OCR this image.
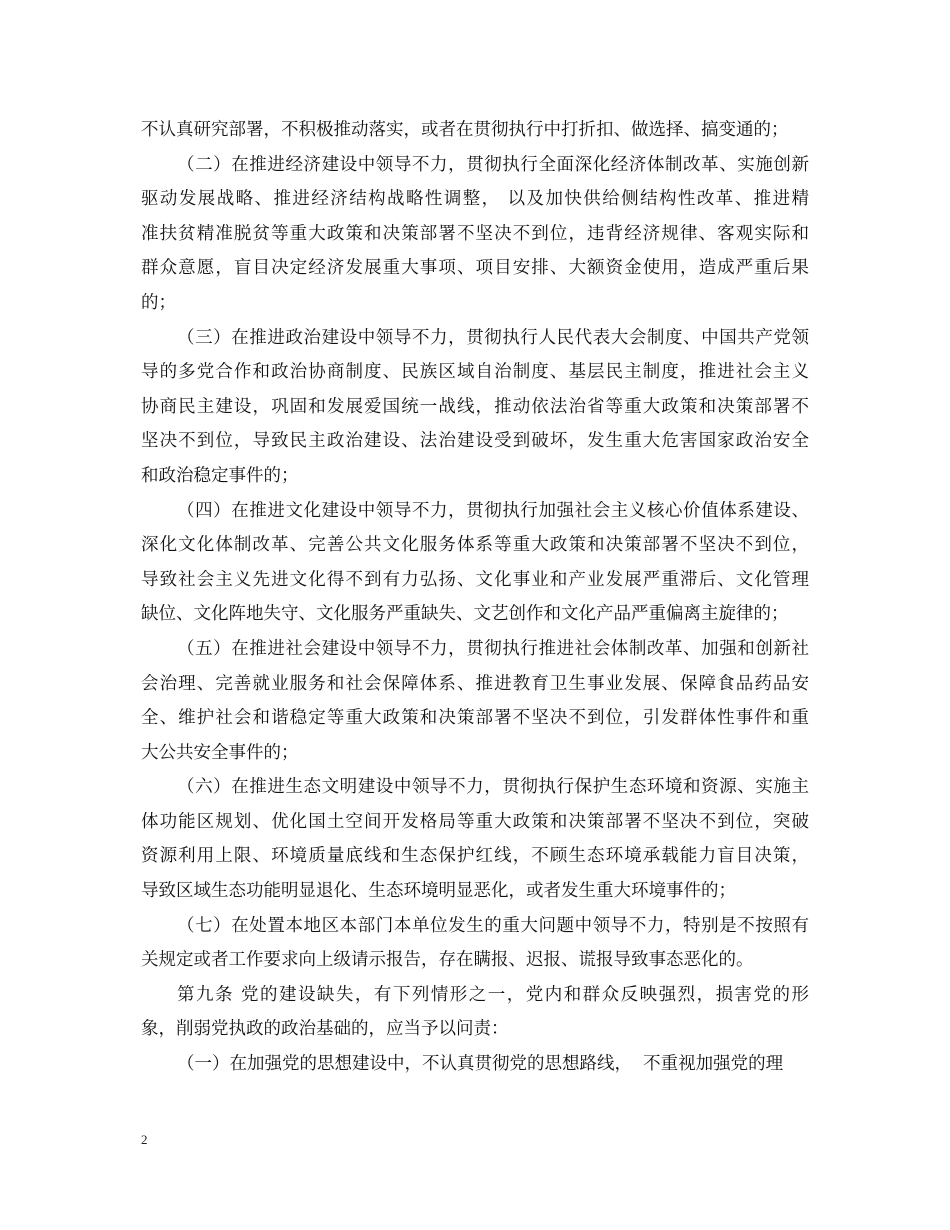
不认真研究部署，不积极推动落实，或者在贯彻执行中打折扣、做选择、搞变通的；
（二）在推进经济建设中领导不力，贯彻执行全面深化经济体制改革、实施创新
驱动发展战略、推进经济结构战略性调整， 以及加快供给侧结构性改革、推进精
准扶贫精准脱贫等重大政策和决策部署不坚决不到位，违背经济规律、客观实际和
群众意愿，盲目决定经济发展重大事项、项目安排、大额资金使用，造成严重后果
的；
（三）在推进政治建设中领导不力，贯彻执行人民代表大会制度、中国共产党领
导的多党合作和政治协商制度、民族区域自治制度、基层民主制度，推进社会主义
协商民主建设，巩固和发展爱国统一战线，推动依法治省等重大政策和决策部署不
坚决不到位，导致民主政治建设、法治建设受到破坏，发生重大危害国家政治安全
和政治稳定事件的；
（四）在推进文化建设中领导不力，贯彻执行加强社会主义核心价值体系建设、
深化文化体制改革、完善公共文化服务体系等重大政策和决策部署不坚决不到位，
导致社会主义先进文化得不到有力弘扬、文化事业和产业发展严重滞后、文化管理
缺位、文化阵地失守、文化服务严重缺失、文艺创作和文化产品严重偏离主旋律的；
（五）在推进社会建设中领导不力，贯彻执行推进社会体制改革、加强和创新社
会治理、完善就业服务和社会保障体系、推进教育卫生事业发展、保障食品药品安
全、维护社会和谐稳定等重大政策和决策部署不坚决不到位，引发群体性事件和重
大公共安全事件的；
（六）在推进生态文明建设中领导不力，贯彻执行保护生态环境和资源、实施主
体功能区规划、优化国土空间开发格局等重大政策和决策部署不坚决不到位，突破
资源利用上限、环境质量底线和生态保护红线，不顾生态环境承载能力盲目决策，
导致区域生态功能明显退化、生态环境明显恶化，或者发生重大环境事件的；
（七）在处置本地区本部门本单位发生的重大问题中领导不力，特别是不按照有
关规定或者工作要求向上级请示报告，存在瞒报、迟报、谎报导致事态恶化的。
第九条 党的建设缺失，有下列情形之一，党内和群众反映强烈，损害党的形
象，削弱党执政的政治基础的，应当予以问责：
（一）在加强党的思想建设中，不认真贯彻党的思想路线，  不重视加强党的理
2
